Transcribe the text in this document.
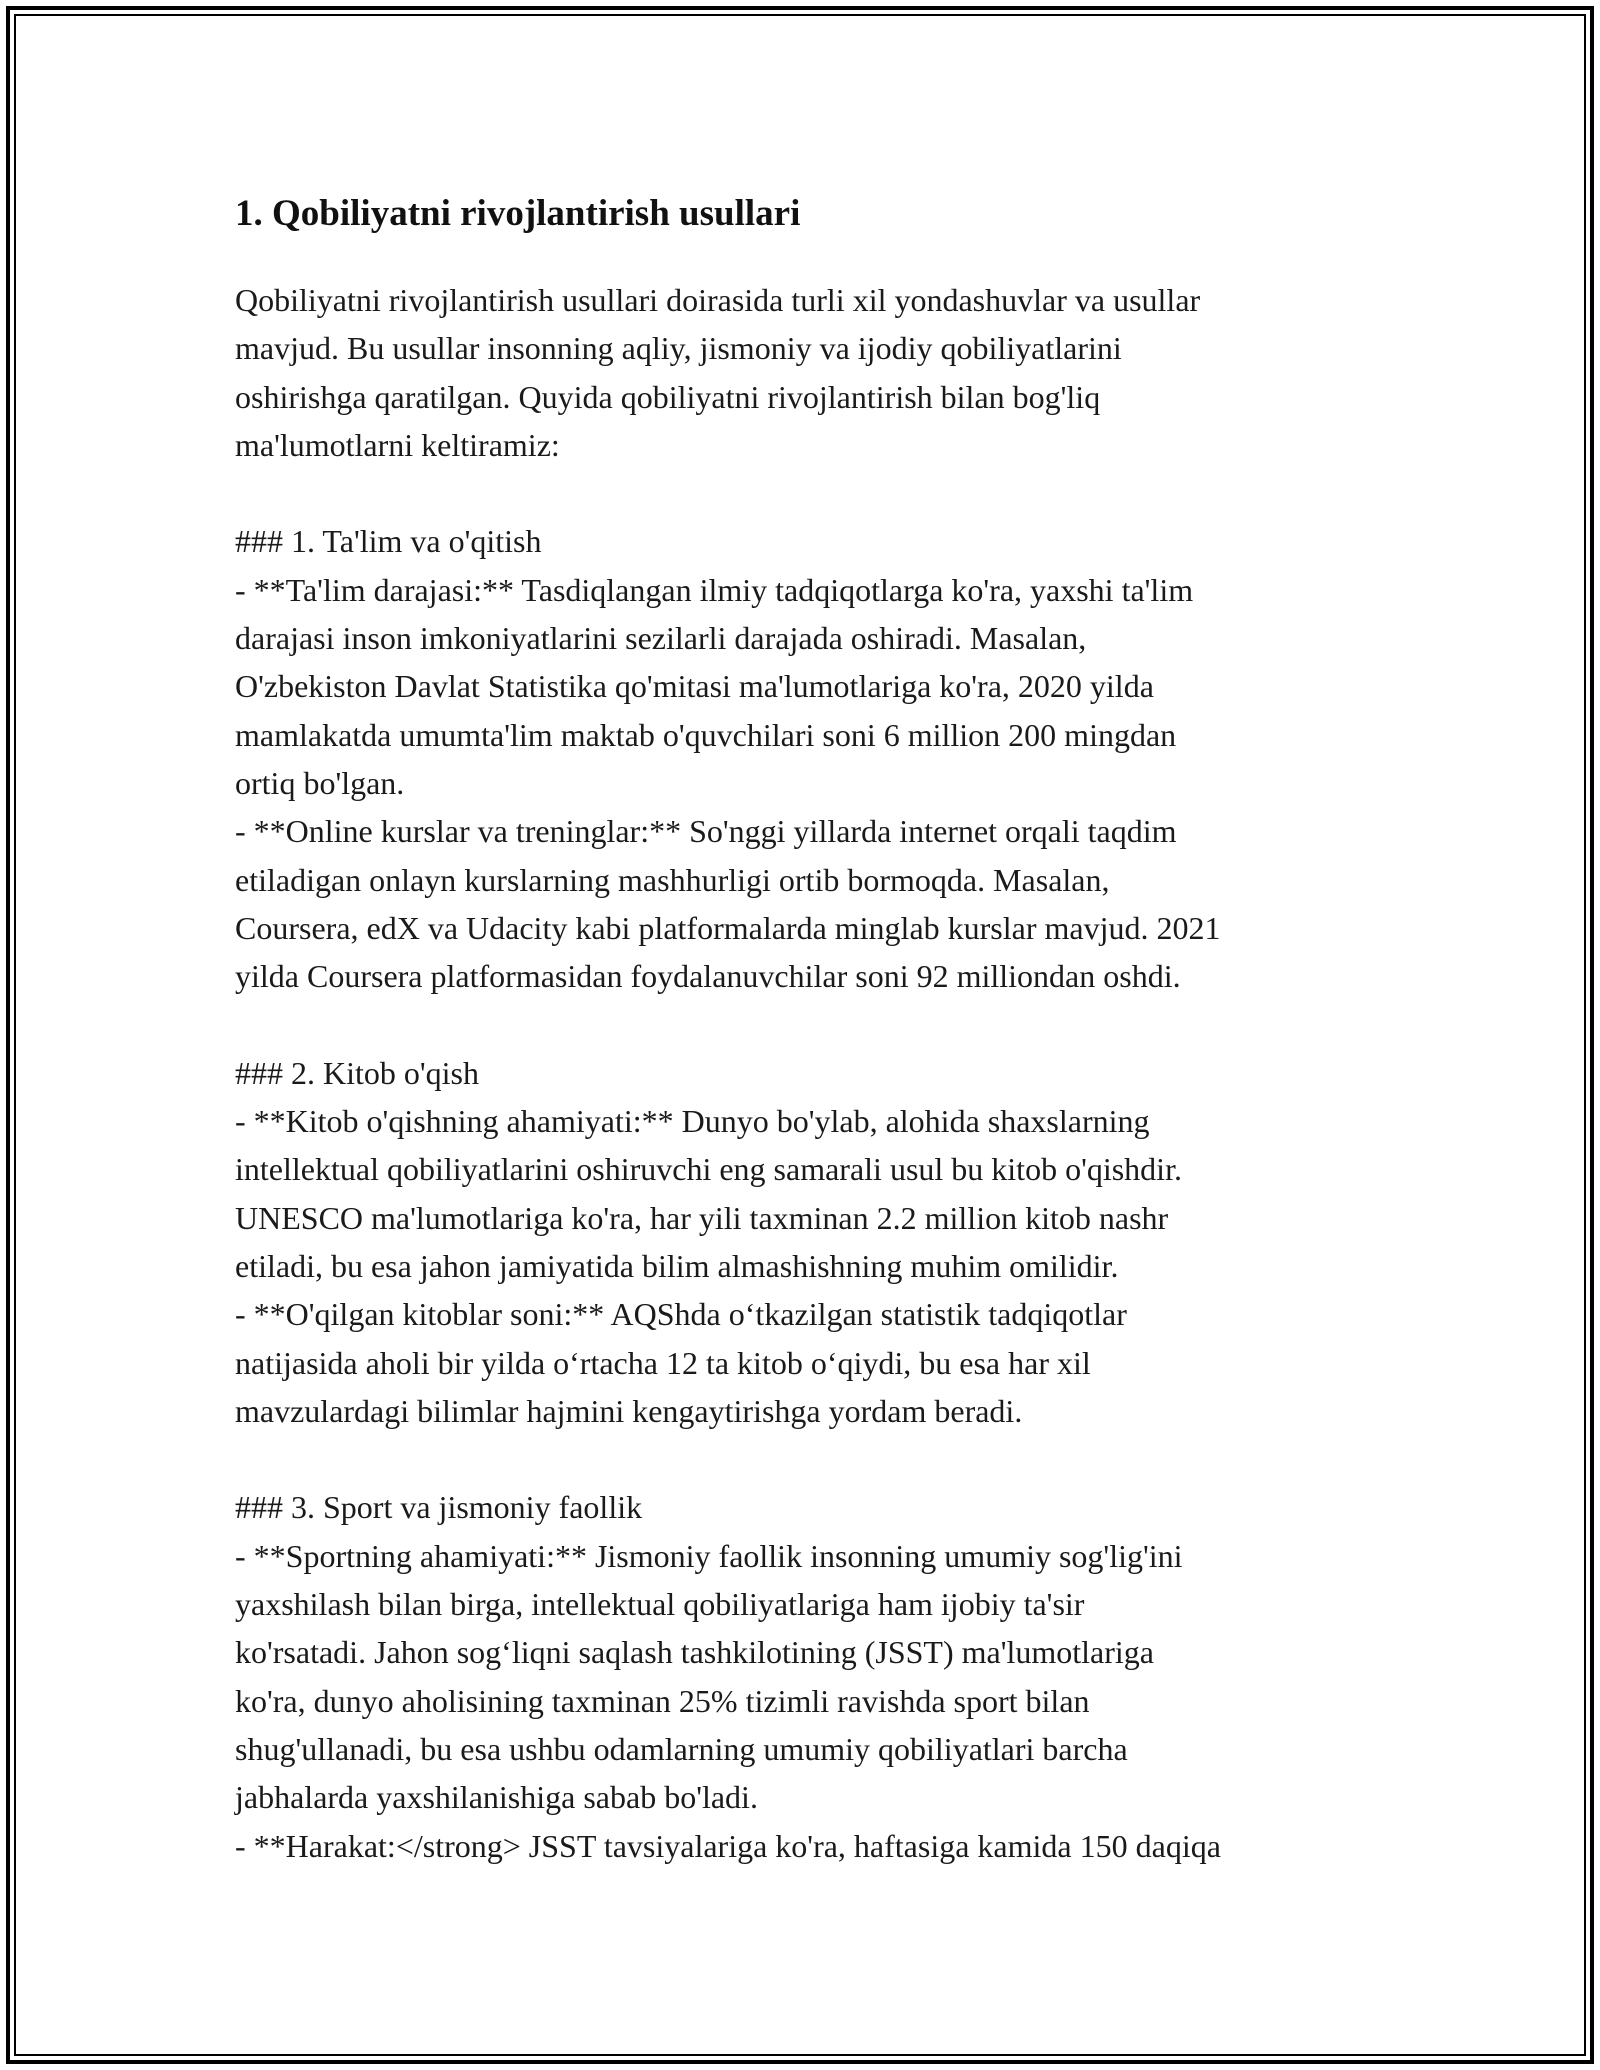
1. Qobiliyatni rivojlantirish usullari
Qobiliyatni rivojlantirish usullari doirasida turli xil yondashuvlar va usullar
mavjud. Bu usullar insonning aqliy, jismoniy va ijodiy qobiliyatlarini
oshirishga qaratilgan. Quyida qobiliyatni rivojlantirish bilan bog'liq
ma'lumotlarni keltiramiz:
### 1. Ta'lim va o'qitish
- **Ta'lim darajasi:** Tasdiqlangan ilmiy tadqiqotlarga ko'ra, yaxshi ta'lim
darajasi inson imkoniyatlarini sezilarli darajada oshiradi. Masalan,
O'zbekiston Davlat Statistika qo'mitasi ma'lumotlariga ko'ra, 2020 yilda
mamlakatda umumta'lim maktab o'quvchilari soni 6 million 200 mingdan
ortiq bo'lgan.
- **Online kurslar va treninglar:** So'nggi yillarda internet orqali taqdim
etiladigan onlayn kurslarning mashhurligi ortib bormoqda. Masalan,
Coursera, edX va Udacity kabi platformalarda minglab kurslar mavjud. 2021
yilda Coursera platformasidan foydalanuvchilar soni 92 milliondan oshdi.
### 2. Kitob o'qish
- **Kitob o'qishning ahamiyati:** Dunyo bo'ylab, alohida shaxslarning
intellektual qobiliyatlarini oshiruvchi eng samarali usul bu kitob o'qishdir.
UNESCO ma'lumotlariga ko'ra, har yili taxminan 2.2 million kitob nashr
etiladi, bu esa jahon jamiyatida bilim almashishning muhim omilidir.
- **O'qilgan kitoblar soni:** AQShda o‘tkazilgan statistik tadqiqotlar
natijasida aholi bir yilda o‘rtacha 12 ta kitob o‘qiydi, bu esa har xil
mavzulardagi bilimlar hajmini kengaytirishga yordam beradi.
### 3. Sport va jismoniy faollik
- **Sportning ahamiyati:** Jismoniy faollik insonning umumiy sog'lig'ini
yaxshilash bilan birga, intellektual qobiliyatlariga ham ijobiy ta'sir
ko'rsatadi. Jahon sog‘liqni saqlash tashkilotining (JSST) ma'lumotlariga
ko'ra, dunyo aholisining taxminan 25% tizimli ravishda sport bilan
shug'ullanadi, bu esa ushbu odamlarning umumiy qobiliyatlari barcha
jabhalarda yaxshilanishiga sabab bo'ladi.
- **Harakat:</strong> JSST tavsiyalariga ko'ra, haftasiga kamida 150 daqiqa
